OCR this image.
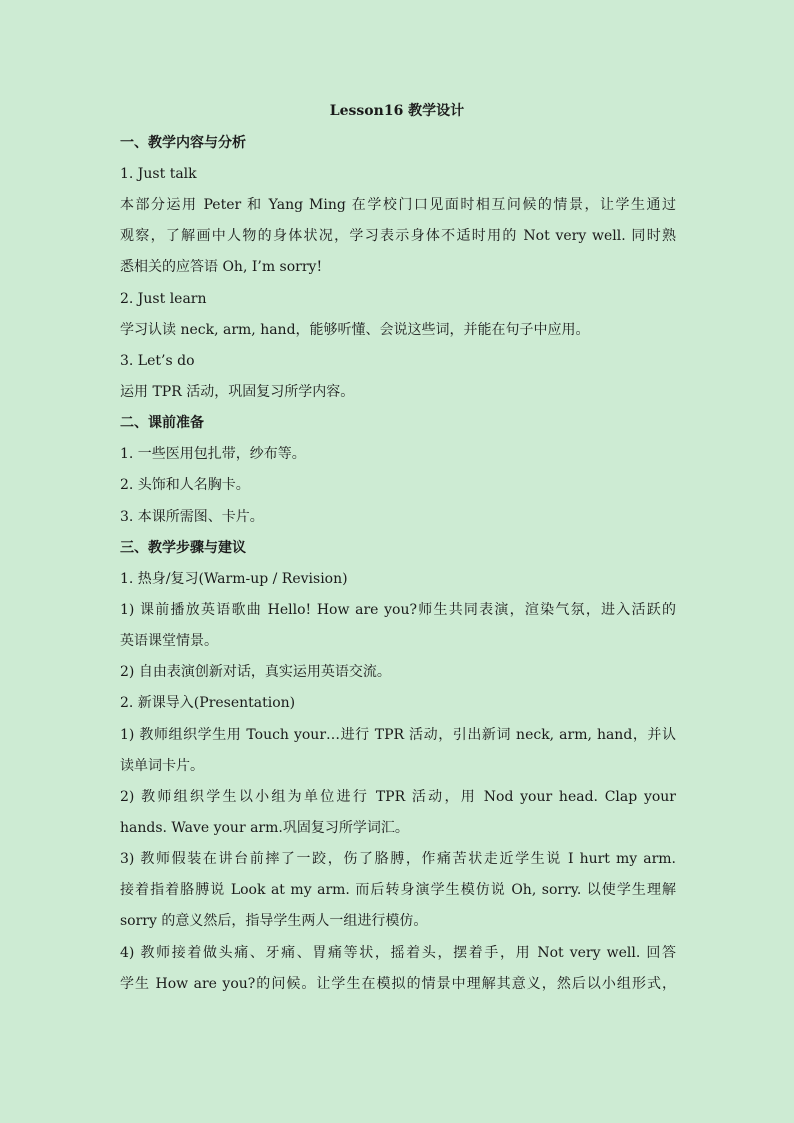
Lesson16 教学设计
一、教学内容与分析
1. Just talk
本部分运用 Peter 和 Yang Ming 在学校门口见面时相互问候的情景，让学生通过
观察，了解画中人物的身体状况，学习表示身体不适时用的 Not very well. 同时熟
悉相关的应答语 Oh, I’m sorry!
2. Just learn
学习认读 neck, arm, hand，能够听懂、会说这些词，并能在句子中应用。
3. Let’s do
运用 TPR 活动，巩固复习所学内容。
二、课前准备
1. 一些医用包扎带，纱布等。
2. 头饰和人名胸卡。
3. 本课所需图、卡片。
三、教学步骤与建议
1. 热身/复习(Warm-up / Revision)
1) 课前播放英语歌曲 Hello! How are you?师生共同表演，渲染气氛，进入活跃的
英语课堂情景。
2) 自由表演创新对话，真实运用英语交流。
2. 新课导入(Presentation)
1) 教师组织学生用 Touch your…进行 TPR 活动，引出新词 neck, arm, hand，并认
读单词卡片。
2) 教师组织学生以小组为单位进行 TPR 活动，用 Nod your head. Clap your
hands. Wave your arm.巩固复习所学词汇。
3) 教师假装在讲台前摔了一跤，伤了胳膊，作痛苦状走近学生说 I hurt my arm.
接着指着胳膊说 Look at my arm. 而后转身演学生模仿说 Oh, sorry. 以使学生理解
sorry 的意义然后，指导学生两人一组进行模仿。
4) 教师接着做头痛、牙痛、胃痛等状，摇着头，摆着手，用 Not very well. 回答
学生 How are you?的问候。让学生在模拟的情景中理解其意义，然后以小组形式，
